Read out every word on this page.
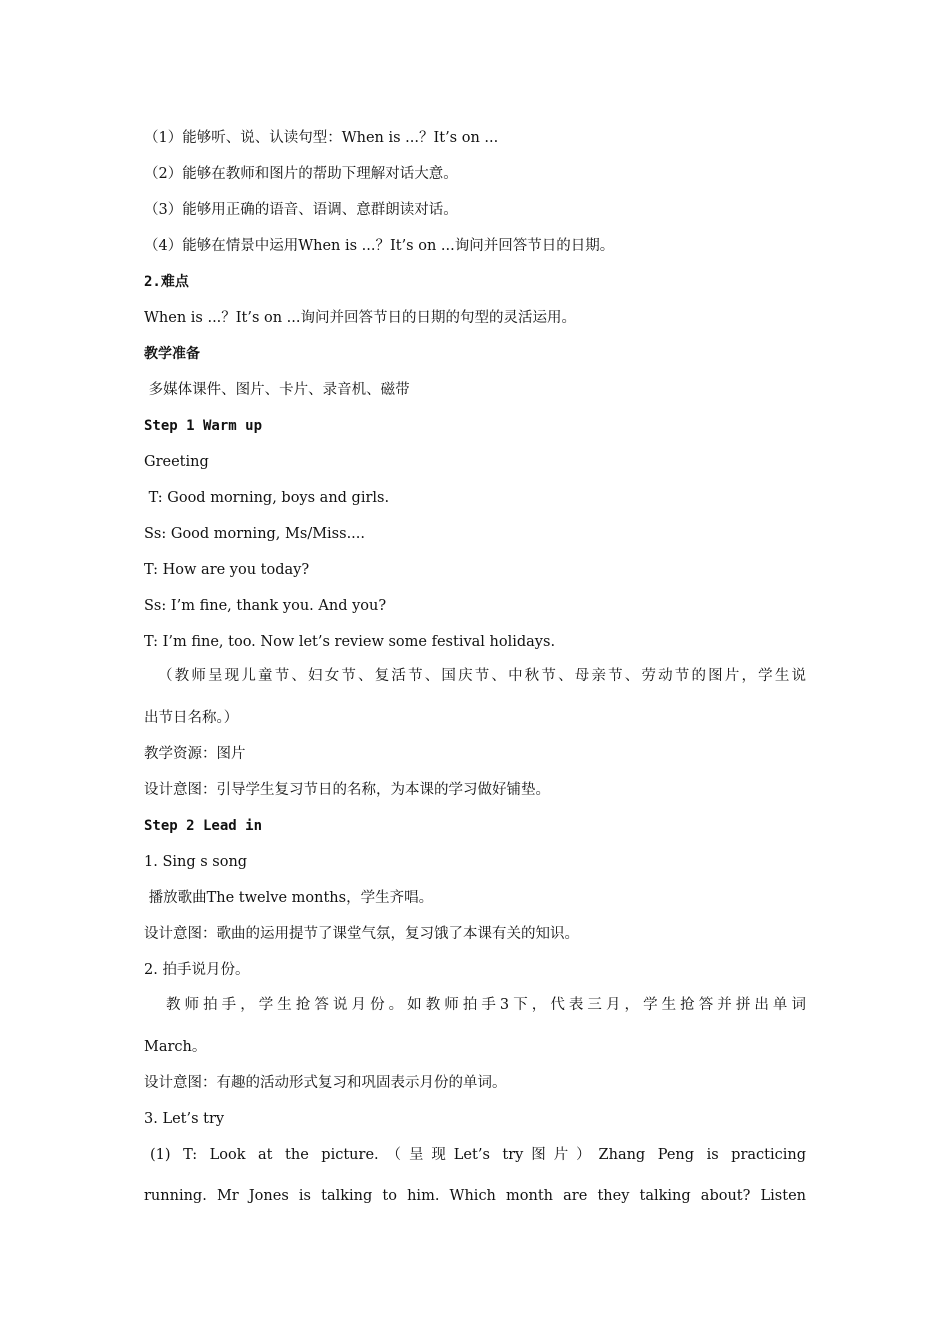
（1）能够听、说、认读句型：When is ...？It’s on ...
（2）能够在教师和图片的帮助下理解对话大意。
（3）能够用正确的语音、语调、意群朗读对话。
（4）能够在情景中运用When is ...？It’s on ...询问并回答节日的日期。
2.难点
When is ...？It’s on ...询问并回答节日的日期的句型的灵活运用。
教学准备
多媒体课件、图片、卡片、录音机、磁带
Step 1 Warm up
Greeting
T: Good morning, boys and girls.
Ss: Good morning, Ms/Miss....
T: How are you today?
Ss: I’m fine, thank you. And you?
T: I’m fine, too. Now let’s review some festival holidays.
（教师呈现儿童节、妇女节、复活节、国庆节、中秋节、母亲节、劳动节的图片，学生说
出节日名称。）
教学资源：图片
设计意图：引导学生复习节日的名称，为本课的学习做好铺垫。
Step 2 Lead in
1. Sing s song
播放歌曲The twelve months，学生齐唱。
设计意图：歌曲的运用提节了课堂气氛，复习饿了本课有关的知识。
2. 拍手说月份。
教师拍手，学生抢答说月份。如教师拍手3下，代表三月，学生抢答并拼出单词
March。
设计意图：有趣的活动形式复习和巩固表示月份的单词。
3. Let’s try
(1) T: Look at the picture.（呈现Let’s try图片）Zhang Peng is practicing
running. Mr Jones is talking to him. Which month are they talking about? Listen
